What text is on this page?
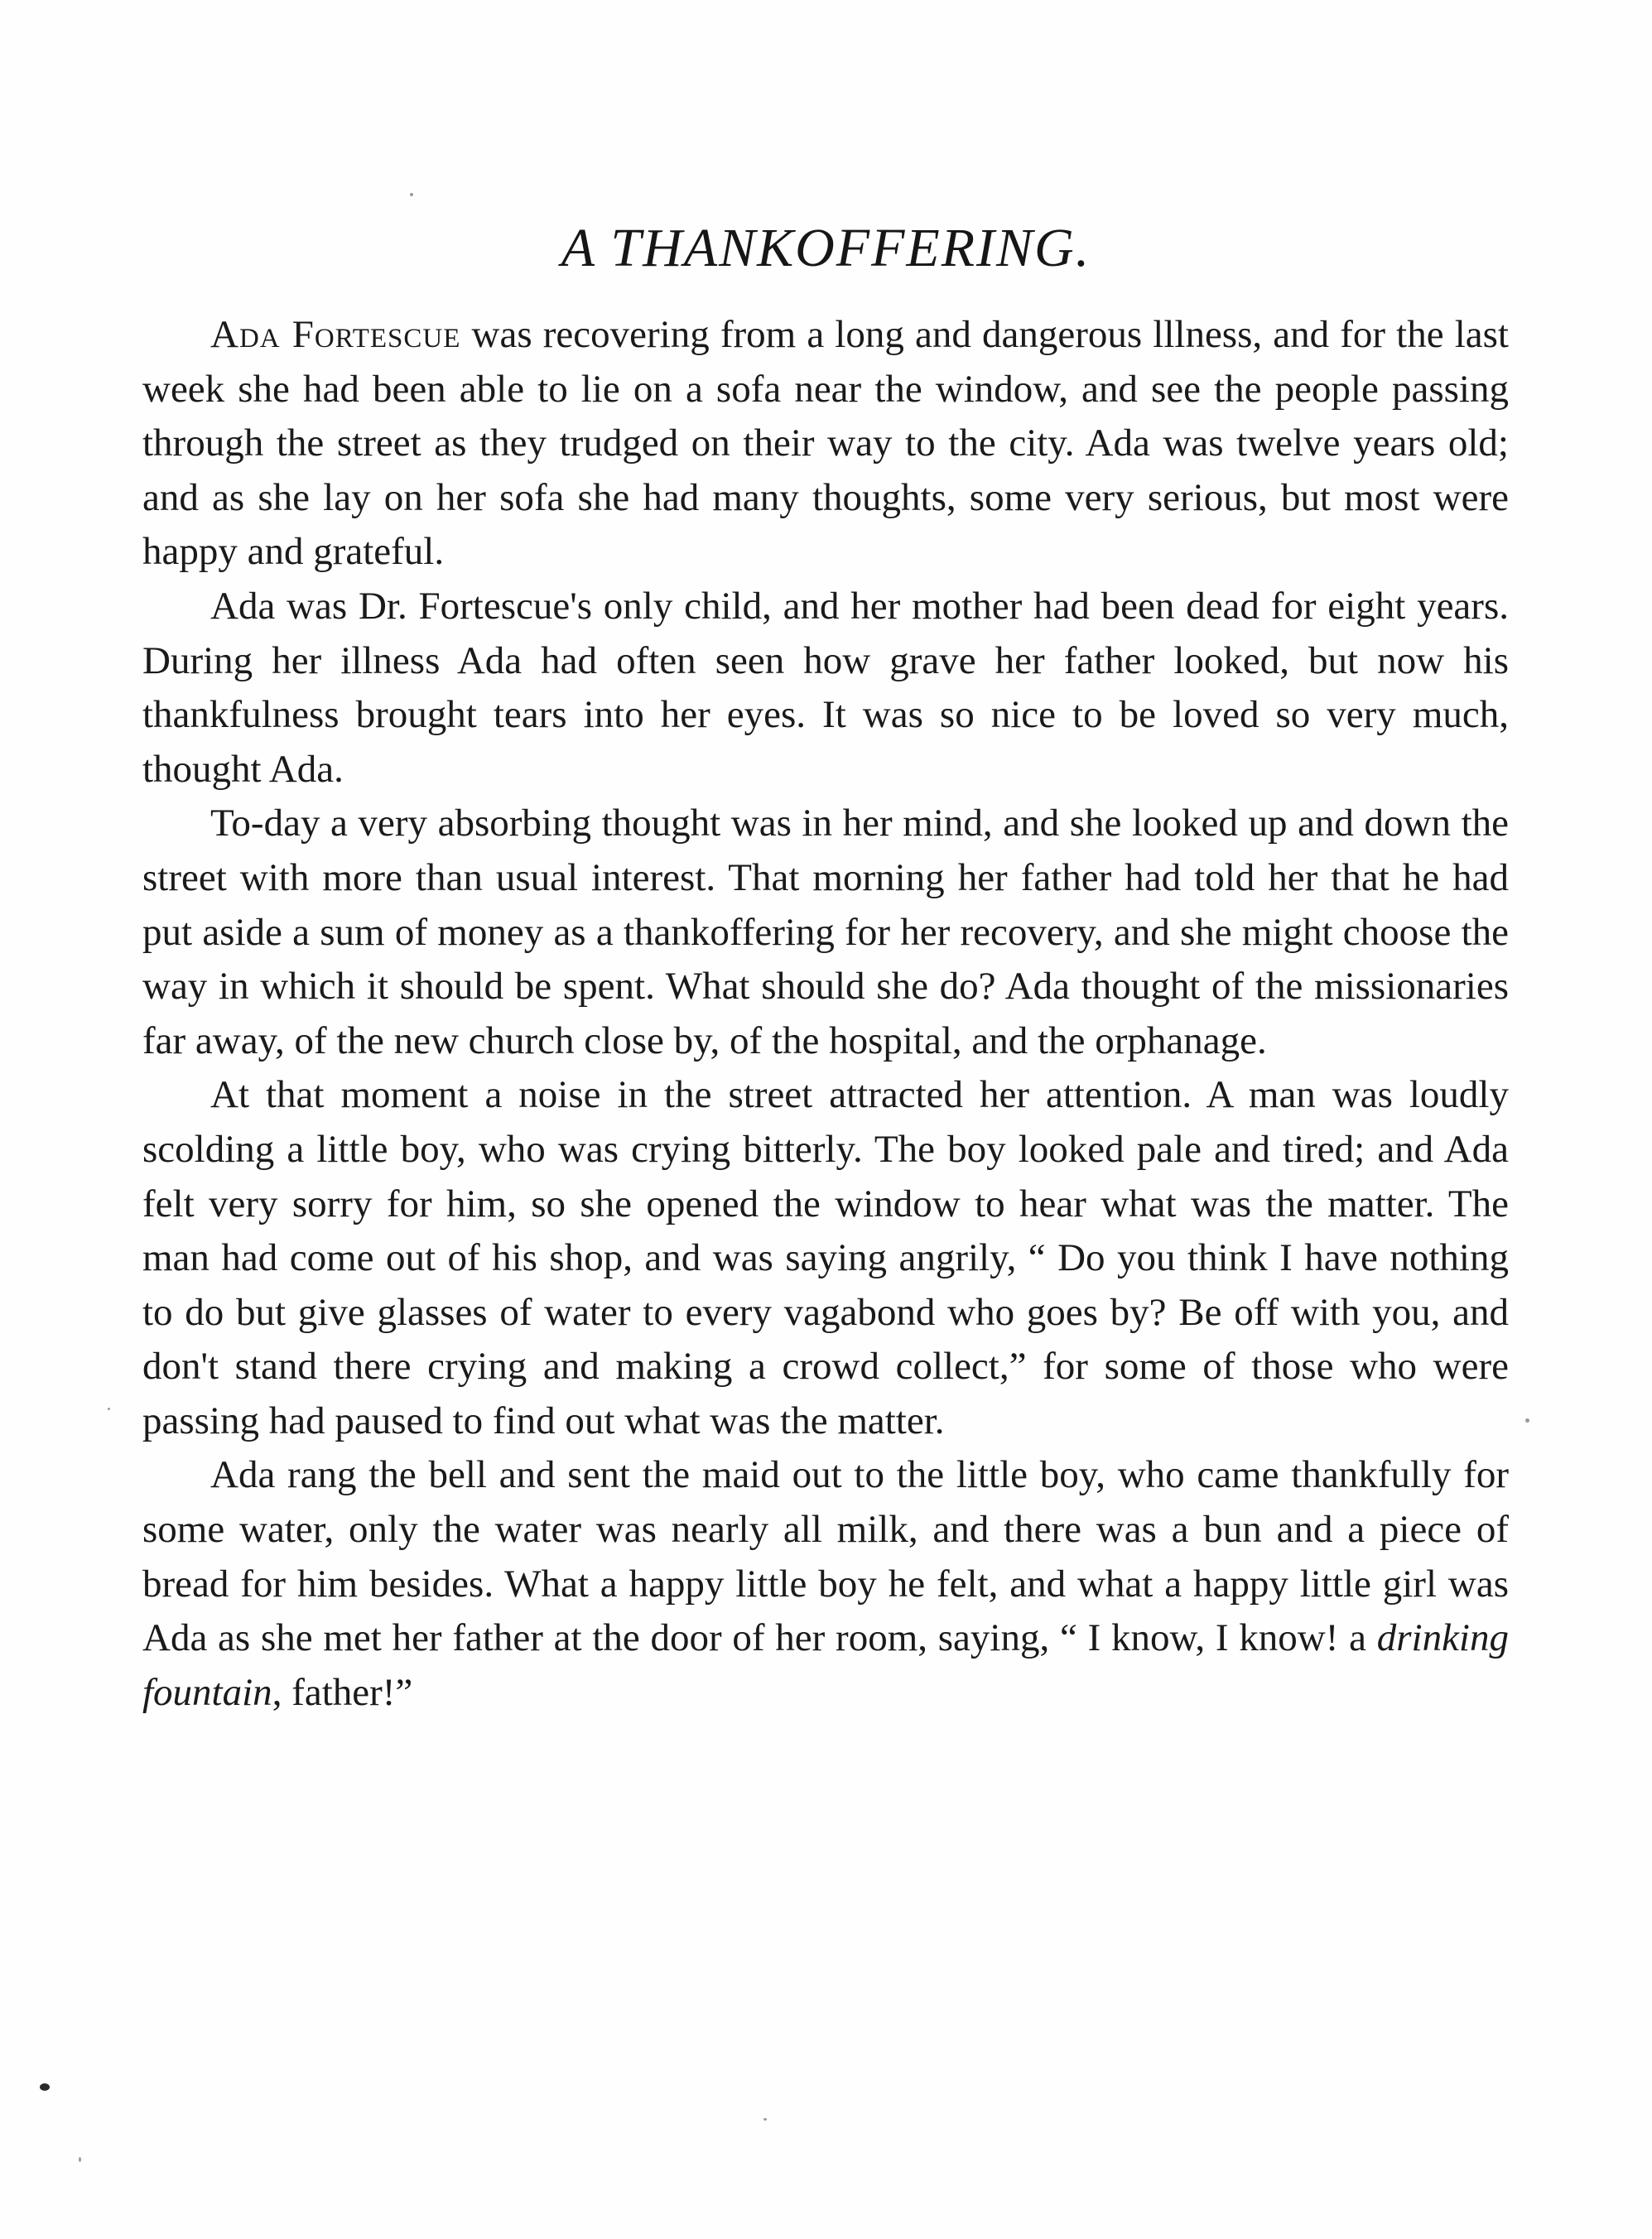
A THANKOFFERING.

Ada Fortescue was recovering from a long and dangerous lllness, and for the last week she had been able to lie on a sofa near the window, and see the people passing through the street as they trudged on their way to the city. Ada was twelve years old; and as she lay on her sofa she had many thoughts, some very serious, but most were happy and grateful.

Ada was Dr. Fortescue's only child, and her mother had been dead for eight years. During her illness Ada had often seen how grave her father looked, but now his thankfulness brought tears into her eyes. It was so nice to be loved so very much, thought Ada.

To-day a very absorbing thought was in her mind, and she looked up and down the street with more than usual interest. That morning her father had told her that he had put aside a sum of money as a thankoffering for her recovery, and she might choose the way in which it should be spent. What should she do? Ada thought of the missionaries far away, of the new church close by, of the hospital, and the orphanage.

At that moment a noise in the street attracted her attention. A man was loudly scolding a little boy, who was crying bitterly. The boy looked pale and tired; and Ada felt very sorry for him, so she opened the window to hear what was the matter. The man had come out of his shop, and was saying angrily, “ Do you think I have nothing to do but give glasses of water to every vagabond who goes by? Be off with you, and don't stand there crying and making a crowd collect,” for some of those who were passing had paused to find out what was the matter.

Ada rang the bell and sent the maid out to the little boy, who came thankfully for some water, only the water was nearly all milk, and there was a bun and a piece of bread for him besides. What a happy little boy he felt, and what a happy little girl was Ada as she met her father at the door of her room, saying, “ I know, I know! a drinking fountain, father!”
